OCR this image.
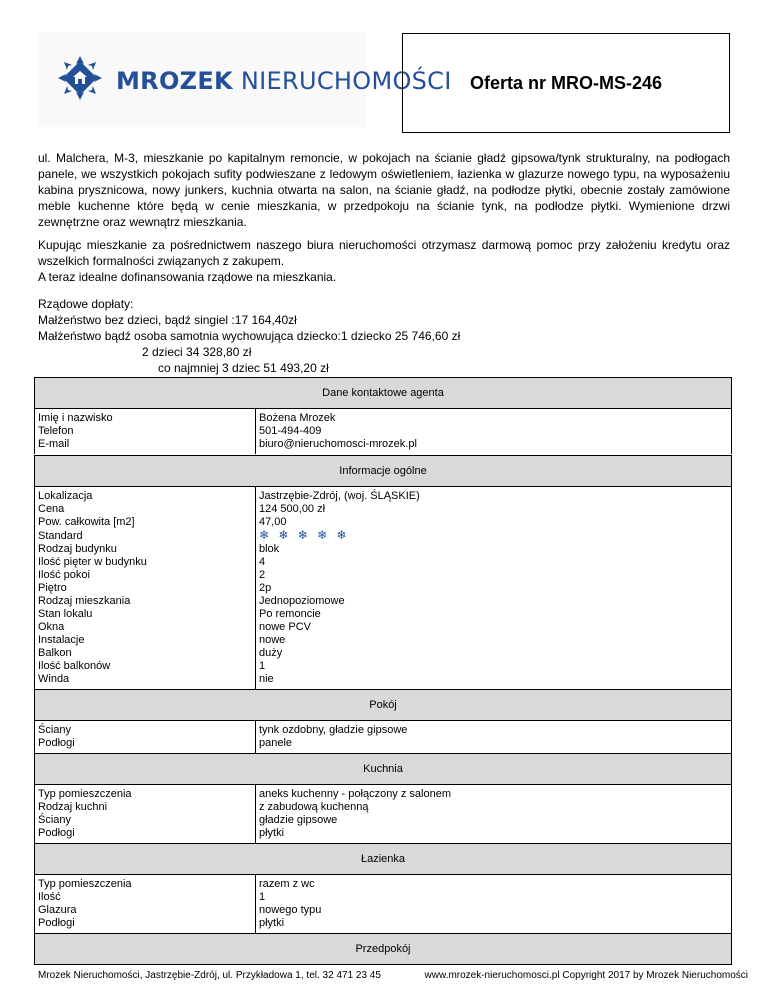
MROZEK NIERUCHOMOŚCI Oferta nr MRO-MS-246
ul. Malchera, M-3, mieszkanie po kapitalnym remoncie, w pokojach na ścianie gładź gipsowa/tynk strukturalny, na podłogach panele, we wszystkich pokojach sufity podwieszane z ledowym oświetleniem, łazienka w glazurze nowego typu, na wyposażeniu kabina prysznicowa, nowy junkers, kuchnia otwarta na salon, na ścianie gładź, na podłodze płytki, obecnie zostały zamówione meble kuchenne które będą w cenie mieszkania, w przedpokoju na ścianie tynk, na podłodze płytki. Wymienione drzwi zewnętrzne oraz wewnątrz mieszkania.
Kupując mieszkanie za pośrednictwem naszego biura nieruchomości otrzymasz darmową pomoc przy założeniu kredytu oraz wszelkich formalności związanych z zakupem.
A teraz idealne dofinansowania rządowe na mieszkania.
Rządowe dopłaty:
Małżeństwo bez dzieci, bądź singiel :17 164,40zł
Małżeństwo bądź osoba samotnia wychowująca dziecko:1 dziecko 25 746,60 zł
2 dzieci 34 328,80 zł
co najmniej 3 dziec 51 493,20 zł
Dane kontaktowe agenta	
Imię i nazwisko	Bożena Mrozek
Telefon	501-494-409
E-mail	biuro@nieruchomosci-mrozek.pl
Informacje ogólne	
Lokalizacja	Jastrzębie-Zdrój, (woj. ŚLĄSKIE)
Cena	124 500,00 zł
Pow. całkowita [m2]	47,00
Standard	❄ ❄ ❄ ❄ ❄
Rodzaj budynku	blok
Ilość pięter w budynku	4
Ilość pokoi	2
Piętro	2p
Rodzaj mieszkania	Jednopoziomowe
Stan lokalu	Po remoncie
Okna	nowe PCV
Instalacje	nowe
Balkon	duży
Ilość balkonów	1
Winda	nie
Pokój	
Ściany	tynk ozdobny, gładzie gipsowe
Podłogi	panele
Kuchnia	
Typ pomieszczenia	aneks kuchenny - połączony z salonem
Rodzaj kuchni	z zabudową kuchenną
Ściany	gładzie gipsowe
Podłogi	płytki
Łazienka	
Typ pomieszczenia	razem z wc
Ilość	1
Glazura	nowego typu
Podłogi	płytki
Przedpokój	
Mrozek Nieruchomości, Jastrzębie-Zdrój, ul. Przykładowa 1, tel. 32 471 23 45	www.mrozek-nieruchomosci.pl Copyright 2017 by Mrozek Nieruchomości
